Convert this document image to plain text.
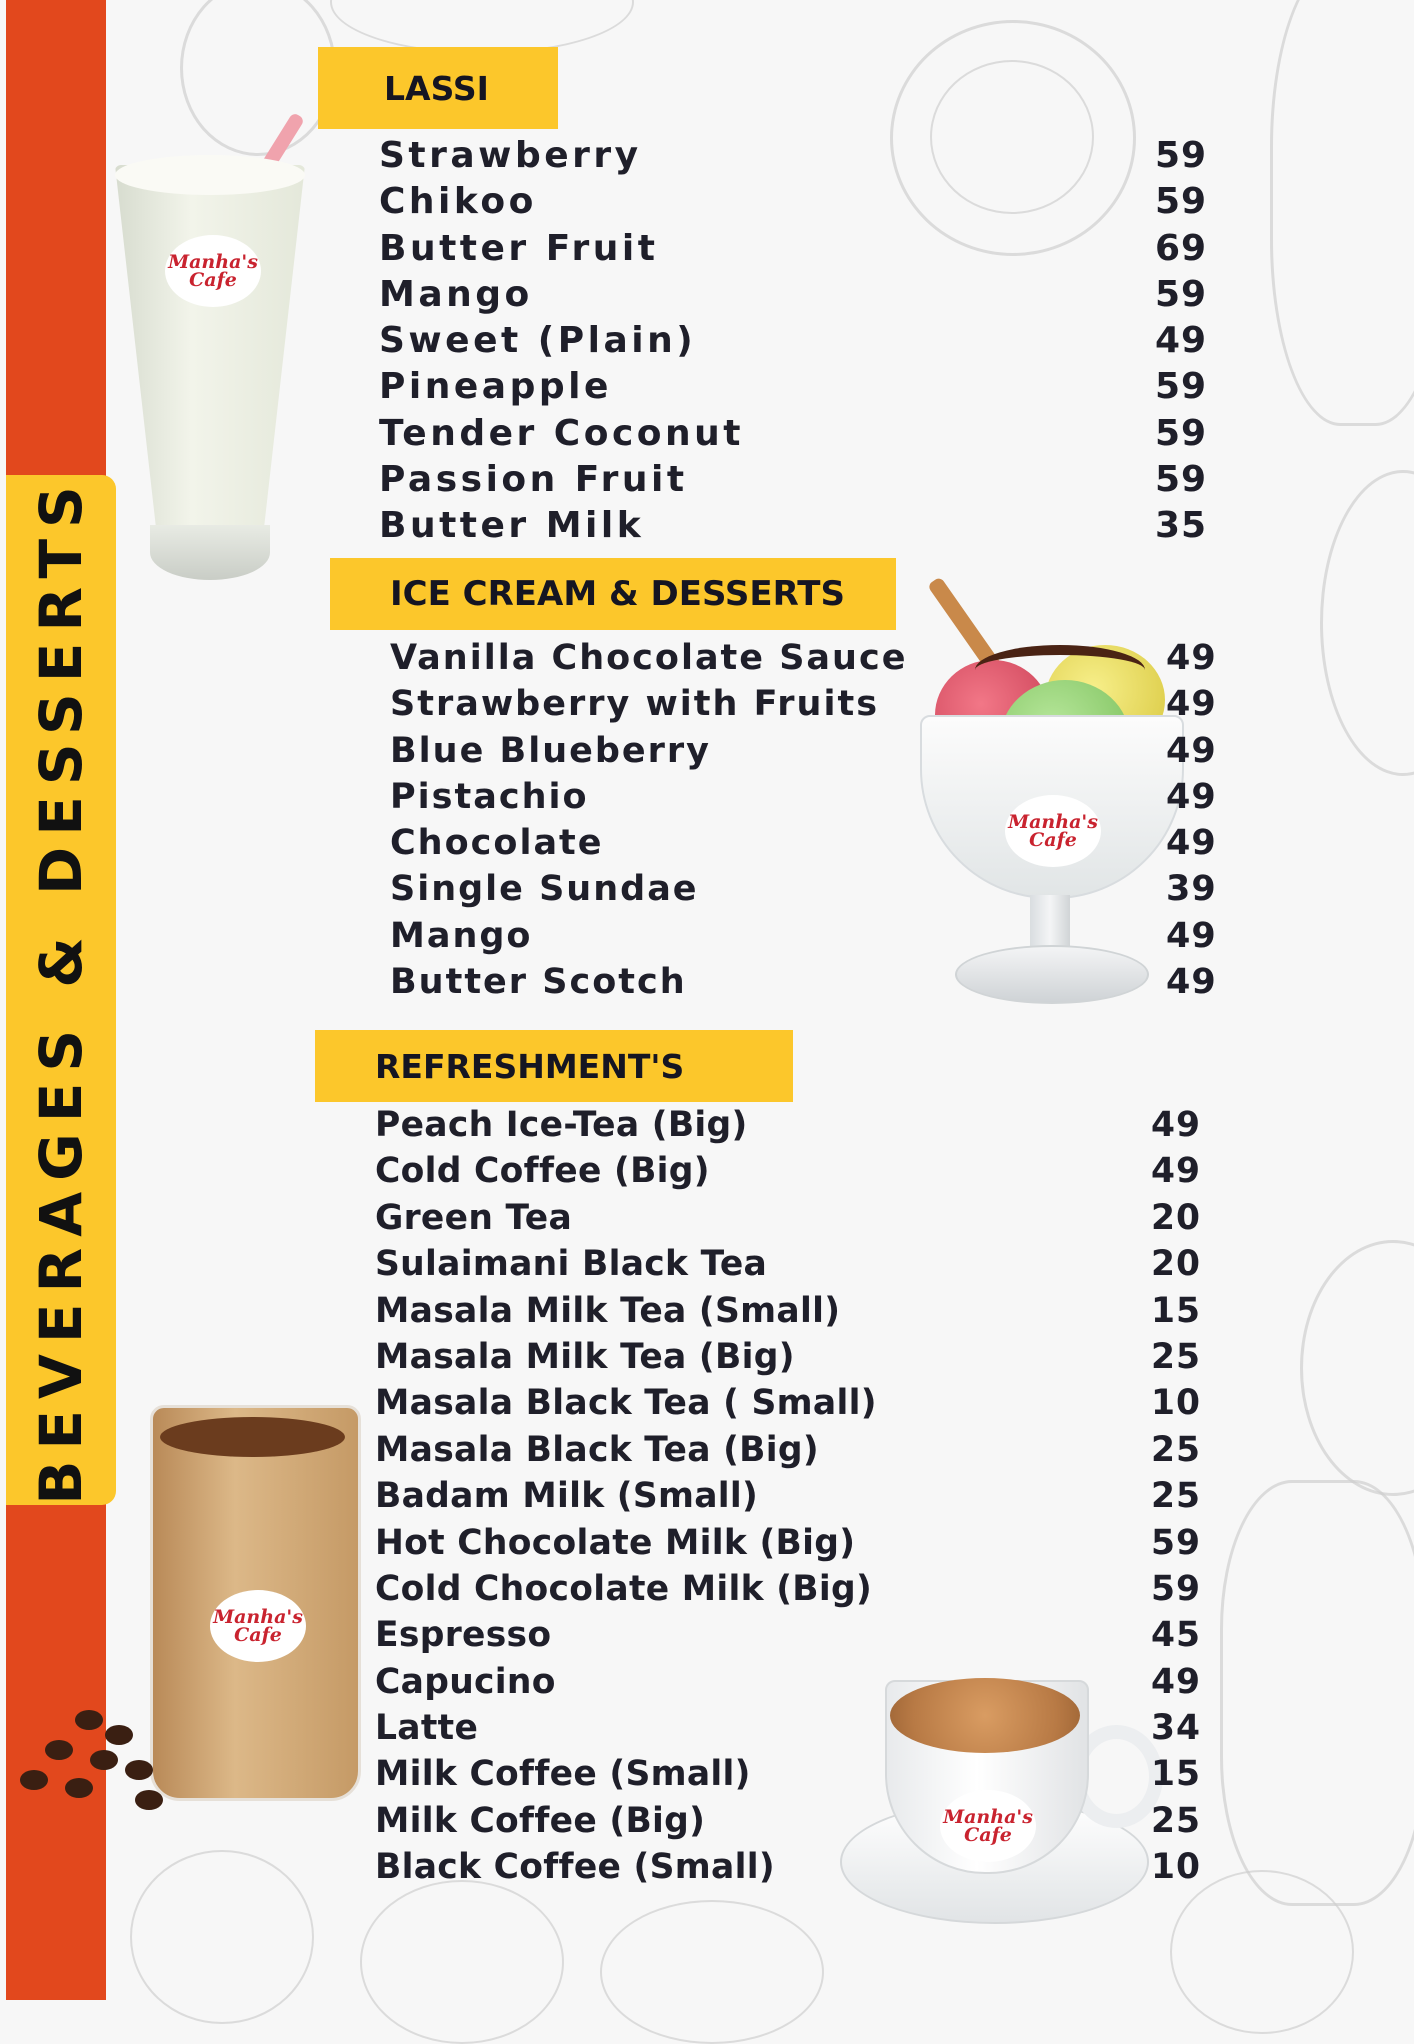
BEVERAGES & DESSERTS
Manha's Cafe
Manha's Cafe
Manha's Cafe
Manha's Cafe
LASSI
Strawberry	59
Chikoo	59
Butter Fruit	69
Mango	59
Sweet (Plain)	49
Pineapple	59
Tender Coconut	59
Passion Fruit	59
Butter Milk	35
ICE CREAM & DESSERTS
Vanilla Chocolate Sauce	49
Strawberry with Fruits	49
Blue Blueberry	49
Pistachio	49
Chocolate	49
Single Sundae	39
Mango	49
Butter Scotch	49
REFRESHMENT'S
Peach Ice-Tea (Big)	49
Cold Coffee (Big)	49
Green Tea	20
Sulaimani Black Tea	20
Masala Milk Tea (Small)	15
Masala Milk Tea (Big)	25
Masala Black Tea ( Small)	10
Masala Black Tea (Big)	25
Badam Milk (Small)	25
Hot Chocolate Milk (Big)	59
Cold Chocolate Milk (Big)	59
Espresso	45
Capucino	49
Latte	34
Milk Coffee (Small)	15
Milk Coffee (Big)	25
Black Coffee (Small)	10
